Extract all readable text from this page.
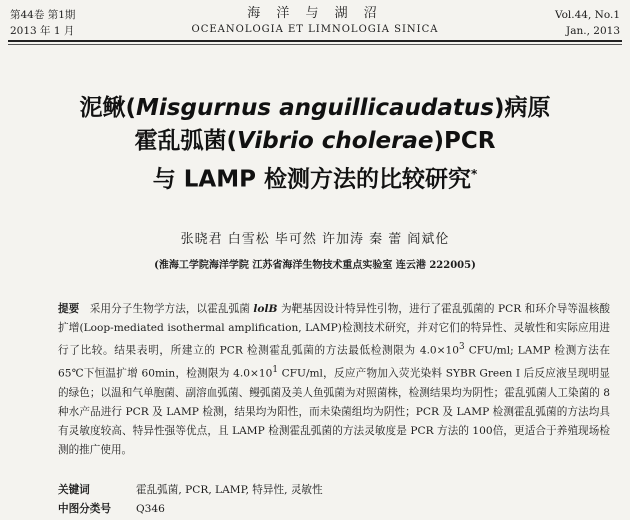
第44卷 第1期
2013 年 1 月
海 洋 与 湖 沼
OCEANOLOGIA ET LIMNOLOGIA SINICA
Vol.44, No.1
Jan., 2013
泥鳅(Misgurnus anguillicaudatus)病原
霍乱弧菌(Vibrio cholerae)PCR
与 LAMP 检测方法的比较研究*
张晓君 白雪松 毕可然 许加涛 秦 蕾 阎斌伦
(淮海工学院海洋学院 江苏省海洋生物技术重点实验室 连云港 222005)
提要 采用分子生物学方法，以霍乱弧菌 lolB 为靶基因设计特异性引物，进行了霍乱弧菌的 PCR 和环介导等温核酸扩增(Loop-mediated isothermal amplification, LAMP)检测技术研究，并对它们的特异性、灵敏性和实际应用进行了比较。结果表明，所建立的 PCR 检测霍乱弧菌的方法最低检测限为 $4.0\times 10^3$ CFU/ml; LAMP 检测方法在 65℃下恒温扩增 60min，检测限为 $4.0\times 10^1$ CFU/ml，反应产物加入荧光染料 SYBR Green I 后反应液呈现明显的绿色；以温和气单胞菌、副溶血弧菌、鳗弧菌及美人鱼弧菌为对照菌株，检测结果均为阴性；霍乱弧菌人工染菌的 8 种水产品进行 PCR 及 LAMP 检测，结果均为阳性，而未染菌组均为阴性；PCR 及 LAMP 检测霍乱弧菌的方法均具有灵敏度较高、特异性强等优点，且 LAMP 检测霍乱弧菌的方法灵敏度是 PCR 方法的 100倍，更适合于养殖现场检测的推广使用。
关键词	霍乱弧菌, PCR, LAMP, 特异性, 灵敏性
中图分类号 Q346
